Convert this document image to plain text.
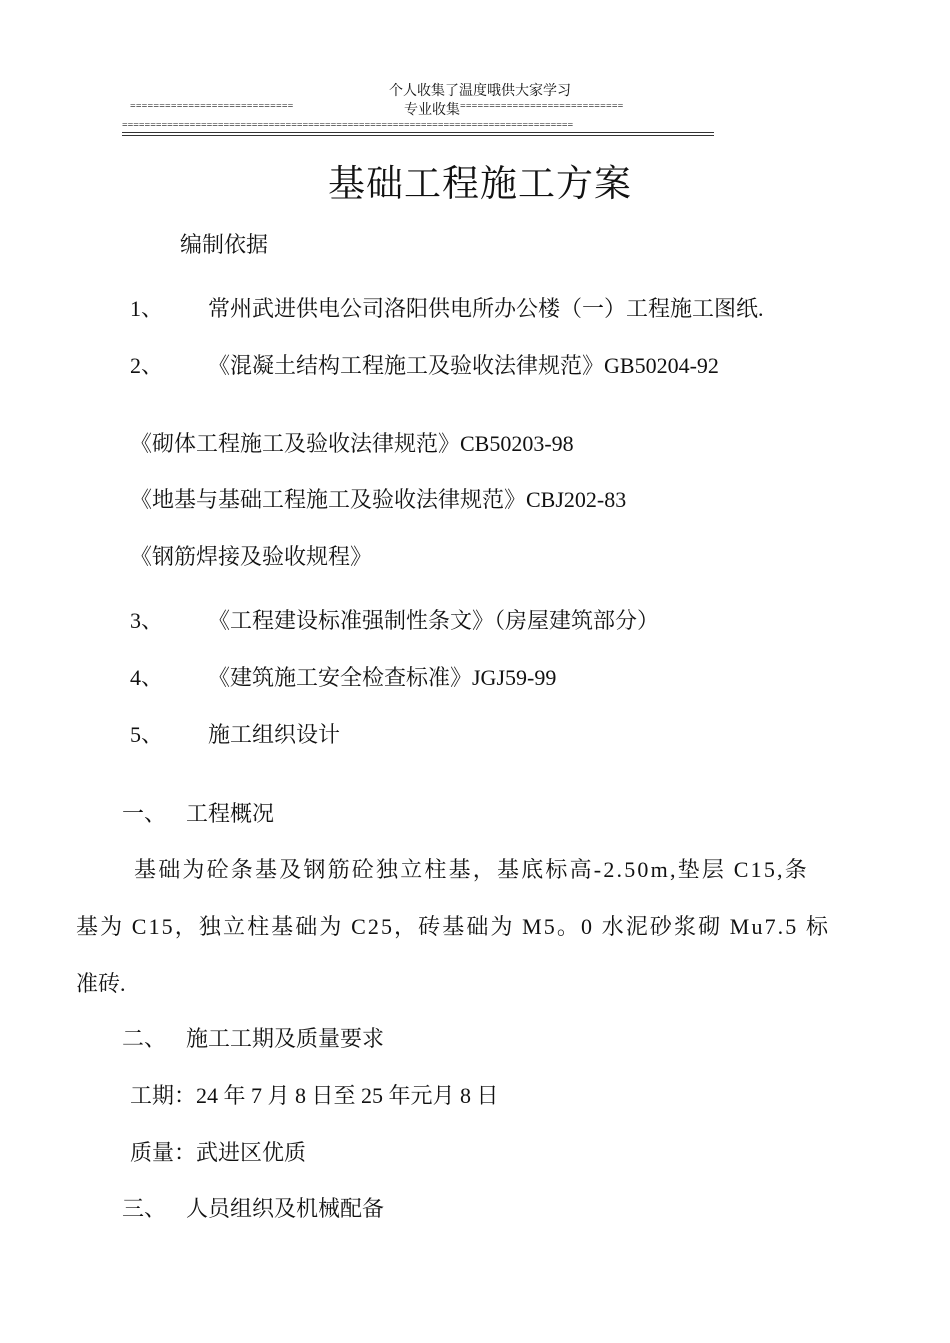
个人收集了温度哦供大家学习
============================	专业收集 ============================
================================================================================
基础工程施工方案
编制依据
1、 常州武进供电公司洛阳供电所办公楼（一）工程施工图纸.
2、 《混凝土结构工程施工及验收法律规范》GB50204-92
《砌体工程施工及验收法律规范》CB50203-98
《地基与基础工程施工及验收法律规范》CBJ202-83
《钢筋焊接及验收规程》
3、 《工程建设标准强制性条文》（房屋建筑部分）
4、 《建筑施工安全检查标准》JGJ59-99
5、 施工组织设计
一、 工程概况
基础为砼条基及钢筋砼独立柱基，基底标高-2.50m,垫层 C15,条
基为 C15，独立柱基础为 C25，砖基础为 M5。0 水泥砂浆砌 Mu7.5 标
准砖.
二、 施工工期及质量要求
工期：24 年 7 月 8 日至 25 年元月 8 日
质量：武进区优质
三、 人员组织及机械配备
